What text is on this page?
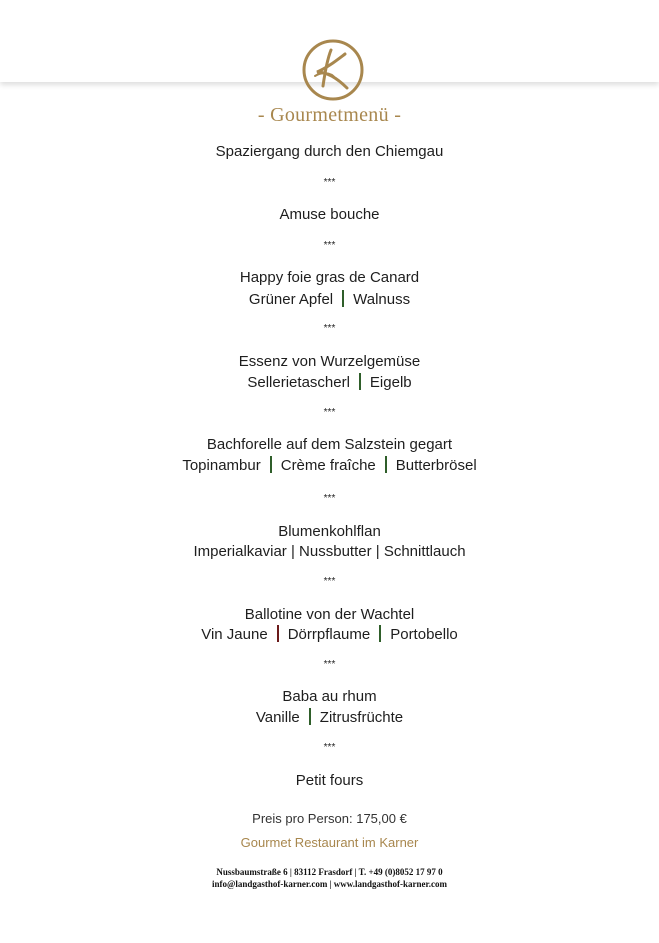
- Gourmetmenü -
Spaziergang durch den Chiemgau
***
Amuse bouche
***
Happy foie gras de Canard
Grüner Apfel Walnuss
***
Essenz von Wurzelgemüse
Sellerietascherl Eigelb
***
Bachforelle auf dem Salzstein gegart
Topinambur Crème fraîche Butterbrösel
***
Blumenkohlflan
Imperialkaviar | Nussbutter | Schnittlauch
***
Ballotine von der Wachtel
Vin Jaune Dörrpflaume Portobello
***
Baba au rhum
Vanille Zitrusfrüchte
***
Petit fours
Preis pro Person: 175,00 €
Gourmet Restaurant im Karner
Nussbaumstraße 6 | 83112 Frasdorf | T. +49 (0)8052 17 97 0
info@landgasthof-karner.com | www.landgasthof-karner.com
